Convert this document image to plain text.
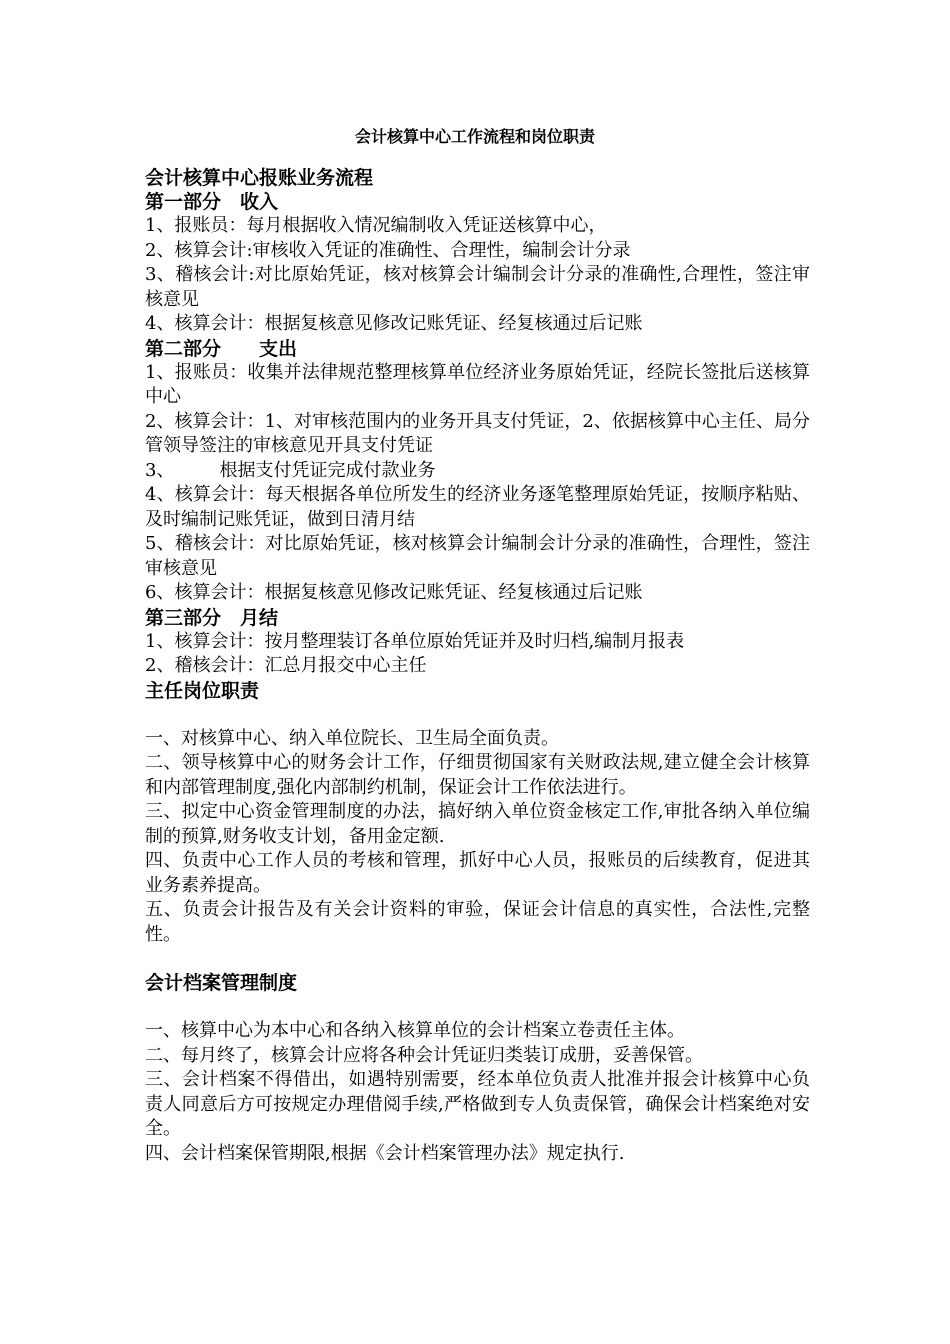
会计核算中心工作流程和岗位职责
会计核算中心报账业务流程
第一部分　收入

1、报账员：每月根据收入情况编制收入凭证送核算中心，

2、核算会计:审核收入凭证的准确性、合理性，编制会计分录

3、稽核会计:对比原始凭证，核对核算会计编制会计分录的准确性,合理性，签注审核意见

4、核算会计：根据复核意见修改记账凭证、经复核通过后记账

第二部分　　支出

1、报账员：收集并法律规范整理核算单位经济业务原始凭证，经院长签批后送核算中心

2、核算会计：1、对审核范围内的业务开具支付凭证，2、依据核算中心主任、局分管领导签注的审核意见开具支付凭证

3、　　　根据支付凭证完成付款业务

4、核算会计：每天根据各单位所发生的经济业务逐笔整理原始凭证，按顺序粘贴、及时编制记账凭证，做到日清月结

5、稽核会计：对比原始凭证，核对核算会计编制会计分录的准确性，合理性，签注审核意见

6、核算会计：根据复核意见修改记账凭证、经复核通过后记账

第三部分　月结

1、核算会计：按月整理装订各单位原始凭证并及时归档,编制月报表

2、稽核会计：汇总月报交中心主任

主任岗位职责

一、对核算中心、纳入单位院长、卫生局全面负责。

二、领导核算中心的财务会计工作，仔细贯彻国家有关财政法规,建立健全会计核算和内部管理制度,强化内部制约机制，保证会计工作依法进行。

三、拟定中心资金管理制度的办法，搞好纳入单位资金核定工作,审批各纳入单位编制的预算,财务收支计划，备用金定额.

四、负责中心工作人员的考核和管理，抓好中心人员，报账员的后续教育，促进其业务素养提高。

五、负责会计报告及有关会计资料的审验，保证会计信息的真实性，合法性,完整性。

会计档案管理制度

一、核算中心为本中心和各纳入核算单位的会计档案立卷责任主体。

二、每月终了，核算会计应将各种会计凭证归类装订成册，妥善保管。

三、会计档案不得借出，如遇特别需要，经本单位负责人批准并报会计核算中心负责人同意后方可按规定办理借阅手续,严格做到专人负责保管，确保会计档案绝对安全。

四、会计档案保管期限,根据《会计档案管理办法》规定执行.
